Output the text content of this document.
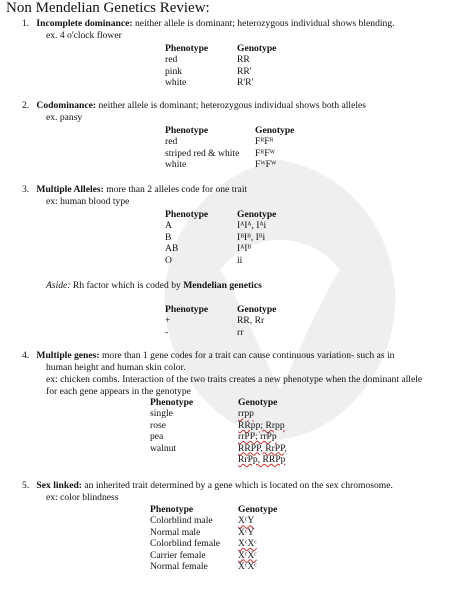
Non Mendelian Genetics Review:
1. Incomplete dominance: neither allele is dominant; heterozygous individual shows blending.
ex. 4 o'clock flower
Phenotype	Genotype
red	RR
pink	RR'
white	R'R'
2. Codominance: neither allele is dominant; heterozygous individual shows both alleles
ex. pansy
Phenotype	Genotype
red	FᴿFᴿ
striped red & white	FᴿFᵂ
white	FᵂFᵂ
3. Multiple Alleles: more than 2 alleles code for one trait
ex: human blood type
Phenotype	Genotype
A	IᴬIᴬ, Iᴬi
B	IᴮIᴮ, Iᴮi
AB	IᴬIᴮ
O	ii
Aside: Rh factor which is coded by Mendelian genetics
Phenotype	Genotype
+	RR, Rr
-	rr
4. Multiple genes: more than 1 gene codes for a trait can cause continuous variation- such as in
human height and human skin color.
ex: chicken combs. Interaction of the two traits creates a new phenotype when the dominant allele
for each gene appears in the genotype
Phenotype	Genotype
single	rrpp
rose	RRpp; Rrpp
pea	rrPP; rrPp
walnut	RRPP, RrPP,
RrPp, RRPp
5. Sex linked: an inherited trait determined by a gene which is located on the sex chromosome.
ex: color blindness
Phenotype	Genotype
Colorblind male	XᶜY
Normal male	XᶜY
Colorblind female	XᶜXᶜ
Carrier female	XᶜXᶜ
Normal female	XᶜXᶜ
